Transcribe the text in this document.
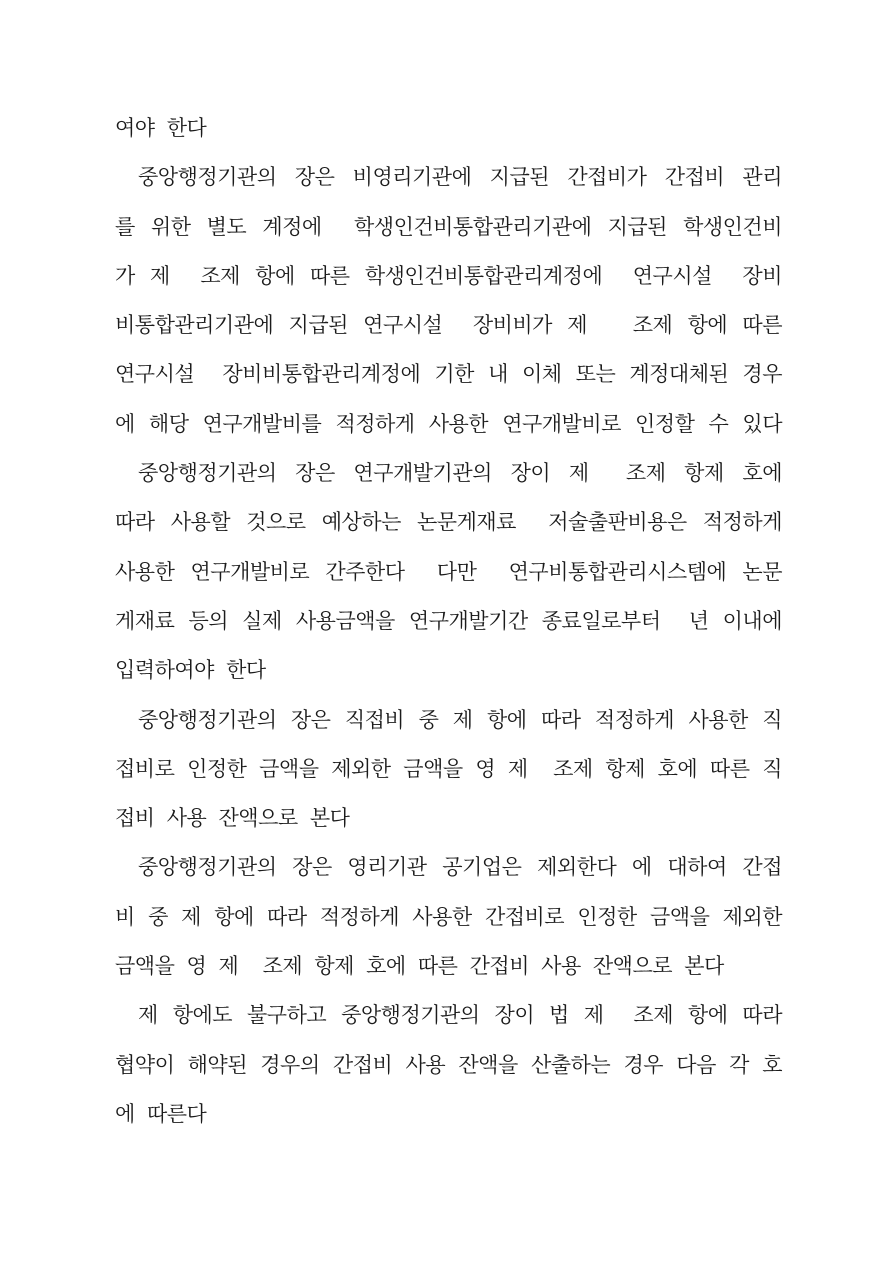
여야 한다
중앙행정기관의 장은 비영리기관에 지급된 간접비가 간접비 관리
를 위한 별도 계정에  학생인건비통합관리기관에 지급된 학생인건비
가 제  조제 항에 따른 학생인건비통합관리계정에  연구시설  장비
비통합관리기관에 지급된 연구시설  장비비가 제   조제 항에 따른
연구시설  장비비통합관리계정에 기한 내 이체 또는 계정대체된 경우
에 해당 연구개발비를 적정하게 사용한 연구개발비로 인정할 수 있다
중앙행정기관의 장은 연구개발기관의 장이 제  조제 항제 호에
따라 사용할 것으로 예상하는 논문게재료  저술출판비용은 적정하게
사용한 연구개발비로 간주한다  다만  연구비통합관리시스템에 논문
게재료 등의 실제 사용금액을 연구개발기간 종료일로부터  년 이내에
입력하여야 한다
중앙행정기관의 장은 직접비 중 제 항에 따라 적정하게 사용한 직
접비로 인정한 금액을 제외한 금액을 영 제  조제 항제 호에 따른 직
접비 사용 잔액으로 본다
중앙행정기관의 장은 영리기관 공기업은 제외한다 에 대하여 간접
비 중 제 항에 따라 적정하게 사용한 간접비로 인정한 금액을 제외한
금액을 영 제  조제 항제 호에 따른 간접비 사용 잔액으로 본다
제 항에도 불구하고 중앙행정기관의 장이 법 제  조제 항에 따라
협약이 해약된 경우의 간접비 사용 잔액을 산출하는 경우 다음 각 호
에 따른다
